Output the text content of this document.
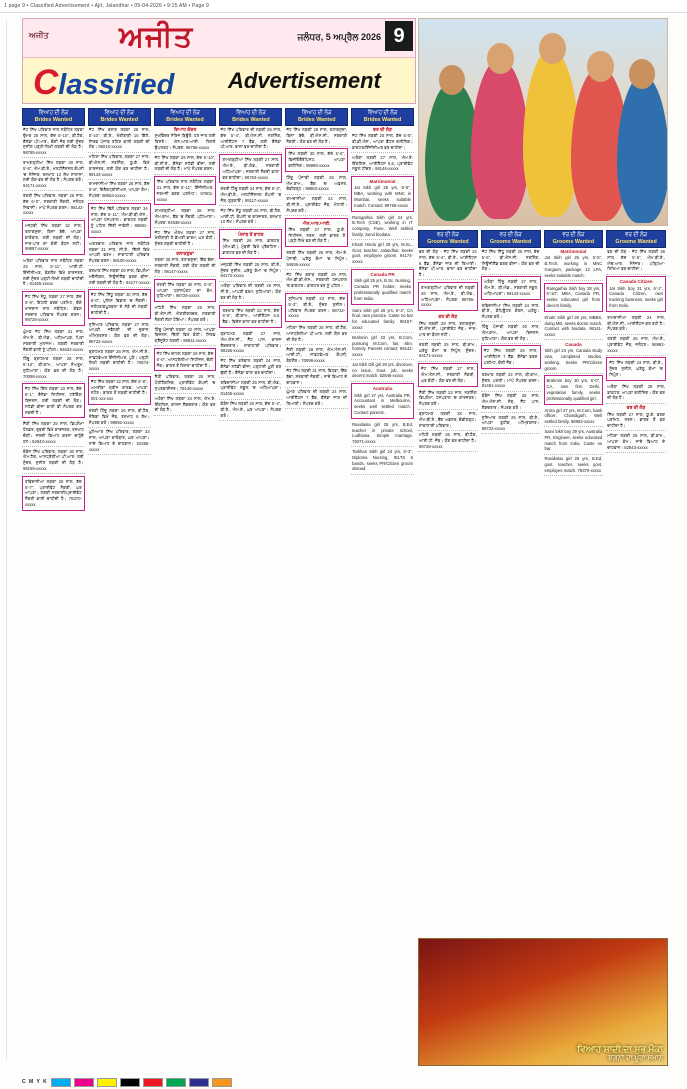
1 page 9 • Classified Advertisement • Ajit, Jalandhar • 05-04-2026 • 9:15 AM • Page 9
ਅਜੀਤ ਅਜੀਤ	ਜਲੰਧਰ, 5 ਅਪ੍ਰੈਲ 2026 9
Classified Advertisement
ਵਿਆਹ ਸ਼ਾਦੀ ਦਾ ਸ਼ੁਭ ਮੌਕਾ
ਸ਼ਗਨਾਂ ਦਾ ਪੂਰਾ ਸਮਾਨ
ਵਿਆਹ ਦੀ ਲੋੜ
Brides Wanted
ਜੱਟ ਸਿੱਖ ਪਰਿਵਾਰ ਨਾਲ ਸਬੰਧਿਤ ਲੜਕਾ ਉਮਰ 28 ਸਾਲ, ਕੱਦ 5'-10", ਬੀ.ਟੈਕ, ਕੈਨੇਡਾ ਪੀ.ਆਰ., ਚੰਗੀ ਜੌਬ ਲਈ ਸੁੰਦਰ ਸੁਸ਼ੀਲ ਪੜ੍ਹੀ-ਲਿਖੀ ਲੜਕੀ ਦੀ ਲੋੜ ਹੈ। 98765-xxxxx
ਰਾਮਗੜ੍ਹੀਆ ਸਿੱਖ ਲੜਕਾ 30 ਸਾਲ, 5'-8", ਐਮ.ਬੀ.ਏ., ਮਲਟੀਨੈਸ਼ਨਲ ਕੰਪਨੀ 'ਚ ਮੈਨੇਜਰ, ਤਨਖਾਹ 12 ਲੱਖ ਸਾਲਾਨਾ, ਲਈ ਯੋਗ ਵਰ ਦੀ ਲੋੜ ਹੈ। ਸੰਪਰਕ ਕਰੋ। 94171-xxxxx
ਖੱਤਰੀ ਸਿੱਖ ਪਰਿਵਾਰ, ਲੜਕਾ 26 ਸਾਲ, ਕੱਦ 6'-0", ਸਰਕਾਰੀ ਨੌਕਰੀ, ਜਲੰਧਰ ਨਿਵਾਸੀ। ਮਾਪੇ ਸੰਪਰਕ ਕਰਨ। 98142-xxxxx
ਮਜ਼੍ਹਬੀ ਸਿੱਖ ਲੜਕਾ 32 ਸਾਲ, ਤਲਾਕਸ਼ੁਦਾ, ਬਿਨਾਂ ਬੱਚੇ, ਆਪਣਾ ਕਾਰੋਬਾਰ, ਲਈ ਲੜਕੀ ਦੀ ਲੋੜ। ਜਾਤ-ਪਾਤ ਦਾ ਕੋਈ ਬੰਧਨ ਨਹੀਂ। 99887-xxxxx
ਅਰੋੜਾ ਪਰਿਵਾਰ ਨਾਲ ਸਬੰਧਿਤ ਲੜਕਾ 29 ਸਾਲ, 5'-11", ਆਈ.ਟੀ. ਇੰਜੀਨੀਅਰ, ਬੰਗਲੌਰ ਵਿਖੇ ਕਾਰਜਰਤ, ਲਈ ਸੁੰਦਰ ਪੜ੍ਹੀ-ਲਿਖੀ ਲੜਕੀ ਚਾਹੀਦੀ ਹੈ। 81465-xxxxx
ਜੱਟ ਸਿੱਖ ਸੰਧੂ, ਲੜਕਾ 27 ਸਾਲ, ਕੱਦ 5'-9", ਇਟਲੀ ਵਰਕ ਪਰਮਿਟ, ਚੰਗੇ ਖਾਨਦਾਨ ਨਾਲ ਸਬੰਧਿਤ। ਕੇਵਲ ਸਰਦਾਰ ਪਰਿਵਾਰ ਸੰਪਰਕ ਕਰਨ। 98728-xxxxx
ਘੁੰਮਣ ਜੱਟ ਸਿੱਖ ਲੜਕਾ 31 ਸਾਲ, ਐਮ.ਏ., ਬੀ.ਐਡ., ਅਧਿਆਪਕ, ਪਿਤਾ ਸਰਕਾਰੀ ਮੁਲਾਜ਼ਮ। ਲੜਕੀ ਸਰਕਾਰੀ ਨੌਕਰੀ ਵਾਲੀ ਨੂੰ ਪਹਿਲ। 94632-xxxxx
ਹਿੰਦੂ ਬ੍ਰਾਹਮਣ ਲੜਕਾ 28 ਸਾਲ, 5'-10", ਬੀ.ਕਾਮ., ਆਪਣਾ ਸ਼ੋਅਰੂਮ, ਲੁਧਿਆਣਾ। ਯੋਗ ਵਰ ਦੀ ਲੋੜ ਹੈ। 70098-xxxxx
ਜੱਟ ਸਿੱਖ ਗਿੱਲ ਲੜਕਾ 33 ਸਾਲ, ਕੱਦ 6'-1", ਕੈਨੇਡਾ ਸਿਟੀਜ਼ਨ, ਟਰੱਕਿੰਗ ਬਿਜ਼ਨਸ, ਲਈ ਲੜਕੀ ਦੀ ਲੋੜ। ਸਟੱਡੀ ਵੀਜ਼ਾ ਵਾਲੀ ਵੀ ਸੰਪਰਕ ਕਰ ਸਕਦੀ ਹੈ।
ਸੈਣੀ ਸਿੱਖ ਲੜਕਾ 25 ਸਾਲ, ਡਿਪਲੋਮਾ ਹੋਲਡਰ, ਦੁਬਈ ਵਿਖੇ ਕਾਰਜਰਤ, ਤਨਖਾਹ ਚੰਗੀ। ਜਲਦੀ ਵਿਆਹ ਕਰਨਾ ਚਾਹੁੰਦੇ ਹਨ। 62843-xxxxx
ਕੰਬੋਜ ਸਿੱਖ ਪਰਿਵਾਰ, ਲੜਕਾ 30 ਸਾਲ, ਐਮ.ਟੈਕ, ਆਸਟ੍ਰੇਲੀਆ ਪੀ.ਆਰ. ਲਈ ਸੁੰਦਰ, ਸੁਸ਼ੀਲ ਲੜਕੀ ਦੀ ਲੋੜ ਹੈ। 98159-xxxxx
ਰਵਿਦਾਸੀਆ ਲੜਕਾ 29 ਸਾਲ, ਕੱਦ 5'-7", ਪ੍ਰਾਈਵੇਟ ਨੌਕਰੀ, ਘਰ ਆਪਣਾ। ਲੜਕੀ ਸਰਕਾਰੀ/ਪ੍ਰਾਈਵੇਟ ਨੌਕਰੀ ਵਾਲੀ ਚਾਹੀਦੀ ਹੈ। 78370-xxxxx
ਵਿਆਹ ਦੀ ਲੋੜ
Brides Wanted
ਜੱਟ ਸਿੱਖ ਬਰਾੜ ਲੜਕਾ 28 ਸਾਲ, 5'-10", ਬੀ.ਏ., ਖੇਤੀਬਾੜੀ 15 ਕਿੱਲੇ, ਸਿਰਫ਼ ਪੰਜਾਬ ਰਹਿਣ ਵਾਲੀ ਲੜਕੀ ਦੀ ਲੋੜ। 95010-xxxxx
ਮਹਿਰਾ ਸਿੱਖ ਪਰਿਵਾਰ, ਲੜਕਾ 27 ਸਾਲ, ਬੀ.ਐਸ.ਸੀ. ਨਰਸਿੰਗ, ਯੂ.ਕੇ. ਵਿਖੇ ਕਾਰਜਰਤ, ਲਈ ਯੋਗ ਵਰ ਚਾਹੀਦਾ ਹੈ। 99144-xxxxx
ਰਾਮਦਾਸੀਆ ਸਿੱਖ ਲੜਕਾ 26 ਸਾਲ, ਕੱਦ 5'-8", ਇਲੈਕਟ੍ਰੀਸ਼ੀਅਨ, ਆਪਣਾ ਕੰਮ। ਸੰਪਰਕ: 98553-xxxxx
ਜੱਟ ਸਿੱਖ ਢਿੱਲੋਂ ਪਰਿਵਾਰ ਲੜਕਾ 34 ਸਾਲ, ਕੱਦ 5'-11", ਐਮ.ਬੀ.ਬੀ.ਐਸ., ਆਪਣਾ ਹਸਪਤਾਲ। ਡਾਕਟਰ ਲੜਕੀ ਨੂੰ ਪਹਿਲ ਦਿੱਤੀ ਜਾਵੇਗੀ। 98881-xxxxx
ਅਗਰਵਾਲ ਪਰਿਵਾਰ ਨਾਲ ਸਬੰਧਿਤ ਲੜਕਾ 31 ਸਾਲ, ਸੀ.ਏ., ਦਿੱਲੀ ਵਿਖੇ ਆਪਣੀ ਫਰਮ। ਸ਼ਾਕਾਹਾਰੀ ਪਰਿਵਾਰ ਸੰਪਰਕ ਕਰਨ। 98100-xxxxx
ਤਰਖਾਣ ਸਿੱਖ ਲੜਕਾ 29 ਸਾਲ, ਡਿਪਲੋਮਾ ਮਕੈਨੀਕਲ, ਨਿਊਜ਼ੀਲੈਂਡ ਵਰਕ ਵੀਜ਼ਾ, ਲਈ ਲੜਕੀ ਦੀ ਲੋੜ ਹੈ। 94177-xxxxx
ਜੱਟ ਸਿੱਖ ਸਿੱਧੂ ਲੜਕਾ 30 ਸਾਲ, ਕੱਦ 6'-0", ਪੁਲਿਸ ਵਿਭਾਗ 'ਚ ਨੌਕਰੀ। ਜਲੰਧਰ/ਕਪੂਰਥਲਾ ਦੇ ਨੇੜੇ ਦੀ ਲੜਕੀ ਚਾਹੀਦੀ ਹੈ।
ਸੁਨਿਆਰ ਪਰਿਵਾਰ, ਲੜਕਾ 27 ਸਾਲ, ਆਪਣੀ ਜਵੈਲਰੀ ਦੀ ਦੁਕਾਨ, ਅੰਮ੍ਰਿਤਸਰ। ਯੋਗ ਵਰ ਦੀ ਲੋੜ। 98722-xxxxx
ਬ੍ਰਾਹਮਣ ਲੜਕਾ 28 ਸਾਲ, ਐਮ.ਸੀ.ਏ., ਸਾਫ਼ਟਵੇਅਰ ਇੰਜੀਨੀਅਰ, ਪੁਣੇ। ਪੜ੍ਹੀ-ਲਿਖੀ ਲੜਕੀ ਚਾਹੀਦੀ ਹੈ। 70874-xxxxx
ਜੱਟ ਸਿੱਖ ਲੜਕਾ 32 ਸਾਲ, ਕੱਦ 5'-9", ਅਮਰੀਕਾ ਗ੍ਰੀਨ ਕਾਰਡ, ਆਪਣਾ ਸਟੋਰ। ਭਾਰਤ ਤੋਂ ਲੜਕੀ ਚਾਹੀਦੀ ਹੈ। 001-xxx-xxx
ਖੱਤਰੀ ਹਿੰਦੂ ਲੜਕਾ 26 ਸਾਲ, ਬੀ.ਟੈਕ, ਨੋਇਡਾ ਵਿਖੇ ਜੌਬ, ਤਨਖਾਹ 9 ਲੱਖ। ਸੰਪਰਕ ਕਰੋ। 98992-xxxxx
ਘੁਮਿਆਰ ਸਿੱਖ ਪਰਿਵਾਰ, ਲੜਕਾ 33 ਸਾਲ, ਆਪਣਾ ਕਾਰੋਬਾਰ, ਘਰ ਆਪਣਾ। ਸਾਦੇ ਵਿਆਹ ਦੇ ਚਾਹਵਾਨ। 62395-xxxxx
ਵਿਆਹ ਦੀ ਲੋੜ
Brides Wanted
ਵਿਆਹ ਕੇਂਦਰ
ਸੁਖਵਿੰਦਰ ਮੈਰਿਜ ਬਿਊਰੋ, ਹਰ ਜਾਤ ਲਈ ਰਿਸ਼ਤੇ। ਐਨ.ਆਰ.ਆਈ. ਰਿਸ਼ਤੇ ਉਪਲਬਧ। ਸੰਪਰਕ: 98765-xxxxx
ਜੱਟ ਸਿੱਖ ਲੜਕਾ 29 ਸਾਲ, ਕੱਦ 5'-10", ਬੀ.ਸੀ.ਏ., ਕੈਨੇਡਾ ਸਟੱਡੀ ਵੀਜ਼ਾ, ਲਈ ਲੜਕੀ ਦੀ ਲੋੜ ਹੈ। ਮਾਪੇ ਸੰਪਰਕ ਕਰਨ।
ਸਿੱਖ ਪਰਿਵਾਰ ਨਾਲ ਸਬੰਧਿਤ ਲੜਕਾ 31 ਸਾਲ, ਕੱਦ 5'-11", ਇੰਜੀਨੀਅਰ, ਜਰਮਨੀ ਵਰਕ ਪਰਮਿਟ। 97801-xxxxx
ਰਾਮਗੜ੍ਹੀਆ ਲੜਕਾ 28 ਸਾਲ, ਐਮ.ਕਾਮ., ਬੈਂਕ 'ਚ ਨੌਕਰੀ, ਪਟਿਆਲਾ। ਸੰਪਰਕ: 94638-xxxxx
ਜੱਟ ਸਿੱਖ ਔਲਖ ਲੜਕਾ 27 ਸਾਲ, ਖੇਤੀਬਾੜੀ ਤੇ ਡੇਅਰੀ ਫਾਰਮ, ਘਰ ਕੋਠੀ। ਸੁੰਦਰ ਲੜਕੀ ਚਾਹੀਦੀ ਹੈ।
ਤਲਾਕਸ਼ੁਦਾ
ਲੜਕਾ 38 ਸਾਲ, ਤਲਾਕਸ਼ੁਦਾ, ਇੱਕ ਬੱਚਾ, ਸਰਕਾਰੀ ਨੌਕਰੀ, ਲਈ ਯੋਗ ਲੜਕੀ ਦੀ ਲੋੜ। 98147-xxxxx
ਖੱਤਰੀ ਸਿੱਖ ਲੜਕਾ 30 ਸਾਲ, 5'-8", ਆਪਣਾ ਟ੍ਰਾਂਸਪੋਰਟ ਦਾ ਕੰਮ, ਲੁਧਿਆਣਾ। 98728-xxxxx
ਮਹਿਤੋਂ ਸਿੱਖ ਲੜਕਾ 26 ਸਾਲ, ਬੀ.ਐਸ.ਸੀ. ਐਗਰੀਕਲਚਰ, ਸਰਕਾਰੀ ਨੌਕਰੀ ਲੱਗਾ ਹੋਇਆ। ਸੰਪਰਕ ਕਰੋ।
ਹਿੰਦੂ ਪੰਜਾਬੀ ਲੜਕਾ 32 ਸਾਲ, ਆਪਣਾ ਬਿਜ਼ਨਸ, ਦਿੱਲੀ ਵਿਖੇ ਕੋਠੀ। ਸਿਰਫ਼ ਗ੍ਰੈਜੂਏਟ ਲੜਕੀ। 98911-xxxxx
ਜੱਟ ਸਿੱਖ ਚਾਹਲ ਲੜਕਾ 29 ਸਾਲ, ਕੱਦ 6'-0", ਆਸਟ੍ਰੇਲੀਆ ਸਿਟੀਜ਼ਨ, ਚੰਗੀ ਜੌਬ। ਭਾਰਤ ਤੋਂ ਰਿਸ਼ਤਾ ਚਾਹੀਦਾ ਹੈ।
ਸੈਣੀ ਪਰਿਵਾਰ, ਲੜਕਾ 25 ਸਾਲ, ਪੌਲੀਟੈਕਨਿਕ, ਪ੍ਰਾਈਵੇਟ ਕੰਪਨੀ 'ਚ ਸੁਪਰਵਾਈਜ਼ਰ। 78140-xxxxx
ਅਰੋੜਾ ਸਿੱਖ ਲੜਕਾ 34 ਸਾਲ, ਐਮ.ਏ. ਇੰਗਲਿਸ਼, ਕਾਲਜ ਲੈਕਚਰਾਰ। ਯੋਗ ਵਰ ਦੀ ਲੋੜ ਹੈ।
ਵਿਆਹ ਦੀ ਲੋੜ
Brides Wanted
ਜੱਟ ਸਿੱਖ ਪਰਿਵਾਰ ਦੀ ਲੜਕੀ 25 ਸਾਲ, ਕੱਦ 5'-4", ਬੀ.ਐਸ.ਸੀ. ਨਰਸਿੰਗ, ਆਈਲੈਟਸ 7 ਬੈਂਡ, ਲਈ ਕੈਨੇਡਾ ਪੀ.ਆਰ. ਵਾਲਾ ਵਰ ਚਾਹੀਦਾ ਹੈ।
ਰਾਮਗੜ੍ਹੀਆ ਸਿੱਖ ਲੜਕੀ 27 ਸਾਲ, ਐਮ.ਏ., ਬੀ.ਐਡ., ਸਰਕਾਰੀ ਅਧਿਆਪਕਾ। ਸਰਕਾਰੀ ਨੌਕਰੀ ਵਾਲਾ ਵਰ ਚਾਹੀਦਾ। 98763-xxxxx
ਖੱਤਰੀ ਹਿੰਦੂ ਲੜਕੀ 24 ਸਾਲ, ਕੱਦ 5'-3", ਐਮ.ਬੀ.ਏ., ਮਲਟੀਨੈਸ਼ਨਲ ਕੰਪਨੀ 'ਚ ਜੌਬ, ਗੁੜਗਾਓਂ। 98117-xxxxx
ਜੱਟ ਸਿੱਖ ਸੰਧੂ ਲੜਕੀ 26 ਸਾਲ, ਬੀ.ਟੈਕ, ਆਈ.ਟੀ. ਕੰਪਨੀ 'ਚ ਕਾਰਜਰਤ, ਤਨਖਾਹ 10 ਲੱਖ। ਸੰਪਰਕ ਕਰੋ।
ਪੰਜਾਬ ਤੋਂ ਬਾਹਰ
ਸਿੱਖ ਲੜਕੀ 28 ਸਾਲ, ਡਾਕਟਰ (ਐਮ.ਡੀ.), ਮੁੰਬਈ ਵਿਖੇ ਪ੍ਰੈਕਟਿਸ। ਡਾਕਟਰ ਵਰ ਦੀ ਲੋੜ ਹੈ।
ਮਜ਼੍ਹਬੀ ਸਿੱਖ ਲੜਕੀ 25 ਸਾਲ, ਬੀ.ਏ., ਸੁੰਦਰ ਸੁਸ਼ੀਲ, ਘਰੇਲੂ ਕੰਮਾਂ 'ਚ ਨਿਪੁੰਨ। 94172-xxxxx
ਅਰੋੜਾ ਪਰਿਵਾਰ ਦੀ ਲੜਕੀ 29 ਸਾਲ, ਸੀ.ਏ., ਆਪਣੀ ਫਰਮ, ਲੁਧਿਆਣਾ। ਯੋਗ ਵਰ ਦੀ ਲੋੜ ਹੈ।
ਤਰਖਾਣ ਸਿੱਖ ਲੜਕੀ 23 ਸਾਲ, ਕੱਦ 5'-5", ਬੀ.ਕਾਮ., ਆਈਲੈਟਸ 6.5 ਬੈਂਡ। ਵਿਦੇਸ਼ ਵਾਲਾ ਵਰ ਚਾਹੀਦਾ ਹੈ।
ਬ੍ਰਾਹਮਣ ਲੜਕੀ 27 ਸਾਲ, ਐਮ.ਐਸ.ਸੀ., ਨੈੱਟ ਪਾਸ, ਕਾਲਜ ਲੈਕਚਰਾਰ। ਸ਼ਾਕਾਹਾਰੀ ਪਰਿਵਾਰ। 98155-xxxxx
ਜੱਟ ਸਿੱਖ ਗਰੇਵਾਲ ਲੜਕੀ 24 ਸਾਲ, ਕੈਨੇਡਾ ਸਟੱਡੀ ਵੀਜ਼ਾ, ਪੜ੍ਹਾਈ ਪੂਰੀ ਕਰ ਚੁੱਕੀ ਹੈ। ਕੈਨੇਡਾ ਵਾਲਾ ਵਰ ਚਾਹੀਦਾ।
ਰਵਿਦਾਸੀਆ ਲੜਕੀ 26 ਸਾਲ, ਬੀ.ਐਡ., ਪ੍ਰਾਈਵੇਟ ਸਕੂਲ 'ਚ ਅਧਿਆਪਕਾ। 81465-xxxxx
ਕੰਬੋਜ ਸਿੱਖ ਲੜਕੀ 25 ਸਾਲ, ਕੱਦ 5'-4", ਬੀ.ਏ., ਐਮ.ਏ., ਘਰ ਆਪਣਾ। ਸੰਪਰਕ ਕਰੋ।
ਵਿਆਹ ਦੀ ਲੋੜ
Brides Wanted
ਜੱਟ ਸਿੱਖ ਲੜਕੀ 28 ਸਾਲ, ਤਲਾਕਸ਼ੁਦਾ, ਬਿਨਾਂ ਬੱਚੇ, ਬੀ.ਐਸ.ਸੀ., ਸਰਕਾਰੀ ਨੌਕਰੀ। ਯੋਗ ਵਰ ਦੀ ਲੋੜ ਹੈ।
ਸਿੱਖ ਲੜਕੀ 30 ਸਾਲ, ਕੱਦ 5'-6", ਫਿਜ਼ੀਓਥੈਰੇਪਿਸਟ, ਆਪਣਾ ਕਲੀਨਿਕ। 99888-xxxxx
ਹਿੰਦੂ ਪੰਜਾਬੀ ਲੜਕੀ 26 ਸਾਲ, ਐਮ.ਕਾਮ., ਬੈਂਕ 'ਚ ਅਫ਼ਸਰ, ਚੰਡੀਗੜ੍ਹ। 98883-xxxxx
ਰਾਮਦਾਸੀਆ ਲੜਕੀ 24 ਸਾਲ, ਬੀ.ਸੀ.ਏ., ਪ੍ਰਾਈਵੇਟ ਜੌਬ, ਮੋਹਾਲੀ। ਸੰਪਰਕ ਕਰੋ।
ਐਨ.ਆਰ.ਆਈ.
ਸਿੱਖ ਲੜਕੀ 27 ਸਾਲ, ਯੂ.ਕੇ. ਸਿਟੀਜ਼ਨ, ਨਰਸ, ਲਈ ਭਾਰਤ ਤੋਂ ਪੜ੍ਹੇ-ਲਿਖੇ ਵਰ ਦੀ ਲੋੜ ਹੈ।
ਖੱਤਰੀ ਸਿੱਖ ਲੜਕੀ 25 ਸਾਲ, ਐਮ.ਏ. ਪੰਜਾਬੀ, ਘਰੇਲੂ ਕੰਮਾਂ 'ਚ ਨਿਪੁੰਨ। 94636-xxxxx
ਜੱਟ ਸਿੱਖ ਬਰਾੜ ਲੜਕੀ 29 ਸਾਲ, ਐਮ.ਬੀ.ਬੀ.ਐਸ., ਸਰਕਾਰੀ ਹਸਪਤਾਲ 'ਚ ਡਾਕਟਰ। ਡਾਕਟਰ ਵਰ ਨੂੰ ਪਹਿਲ।
ਸੁਨਿਆਰ ਲੜਕੀ 23 ਸਾਲ, ਕੱਦ 5'-3", ਬੀ.ਏ., ਸੁੰਦਰ ਸੁਸ਼ੀਲ। ਪਰਿਵਾਰ ਸੰਪਰਕ ਕਰਨ। 98722-xxxxx
ਮਹਿਰਾ ਸਿੱਖ ਲੜਕੀ 26 ਸਾਲ, ਬੀ.ਟੈਕ, ਆਸਟ੍ਰੇਲੀਆ ਪੀ.ਆਰ. ਲਈ ਯੋਗ ਵਰ ਦੀ ਲੋੜ ਹੈ।
ਸੈਣੀ ਲੜਕੀ 28 ਸਾਲ, ਐਮ.ਐਸ.ਸੀ. ਆਈ.ਟੀ., ਸਾਫ਼ਟਵੇਅਰ ਕੰਪਨੀ, ਬੰਗਲੌਰ। 70098-xxxxx
ਜੱਟ ਸਿੱਖ ਲੜਕੀ 31 ਸਾਲ, ਵਿਧਵਾ, ਇੱਕ ਬੱਚਾ, ਸਰਕਾਰੀ ਨੌਕਰੀ। ਸਾਦੇ ਵਿਆਹ ਦੇ ਚਾਹਵਾਨ।
ਘੁੰਮਣ ਪਰਿਵਾਰ ਦੀ ਲੜਕੀ 24 ਸਾਲ, ਆਈਲੈਟਸ 7 ਬੈਂਡ, ਕੈਨੇਡਾ ਜਾਣ ਦੀ ਤਿਆਰੀ। ਸੰਪਰਕ ਕਰੋ।
ਵਿਆਹ ਦੀ ਲੋੜ
Brides Wanted
ਵਰ ਦੀ ਲੋੜ
ਜੱਟ ਸਿੱਖ ਲੜਕੀ 25 ਸਾਲ, ਕੱਦ 5'-5", ਬੀ.ਡੀ.ਐਸ., ਆਪਣਾ ਡੈਂਟਲ ਕਲੀਨਿਕ। ਡਾਕਟਰ/ਇੰਜੀਨੀਅਰ ਵਰ ਚਾਹੀਦਾ।
ਅਰੋੜਾ ਲੜਕੀ 27 ਸਾਲ, ਐਮ.ਏ. ਇੰਗਲਿਸ਼, ਆਈਲੈਟਸ 6.5, ਪ੍ਰਾਈਵੇਟ ਸਕੂਲ ਟੀਚਰ। 98146-xxxxx
Matrimonial
Jat Sikh girl 26 yrs, 5'-5", MBA, working with MNC in Mumbai, seeks suitable match. Contact: 98765-xxxxx
Ramgarhia Sikh girl 24 yrs, B.Tech (CSE), working in IT company, Pune. Well settled family. Send biodata.
Khatri Hindu girl 28 yrs, M.Sc., Govt. teacher, Jalandhar. Seeks govt. employee groom. 94174-xxxxx
Canada PR
Sikh girl 25 yrs, B.Sc. Nursing, Canada PR holder, seeks professionally qualified match from India.
Saini Sikh girl 26 yrs, 5'-4", CA final, own practice. Caste no bar for educated family. 98157-xxxxx
Brahmin girl 23 yrs, B.Com, pursuing M.Com, fair, slim, homely. Parents contact: 99142-xxxxx
Jat Sikh Gill girl 29 yrs, divorcee, no issue, Govt. job, seeks decent match. 62845-xxxxx
Australia
Sikh girl 27 yrs, Australia PR, Accountant in Melbourne, seeks well settled match. Contact parents.
Ravidasia girl 25 yrs, B.Ed, teacher in private school, Ludhiana. Simple marriage. 78371-xxxxx
Tarkhan Sikh girl 24 yrs, 5'-3", Diploma Nursing, IELTS 6 bands, seeks PR/Citizen groom abroad.
ਵਰ ਦੀ ਲੋੜ
Grooms Wanted
ਵਰ ਦੀ ਲੋੜ - ਜੱਟ ਸਿੱਖ ਲੜਕੀ 24 ਸਾਲ, ਕੱਦ 5'-4", ਬੀ.ਏ., ਆਈਲੈਟਸ 6 ਬੈਂਡ, ਕੈਨੇਡਾ ਜਾਣ ਦੀ ਤਿਆਰੀ। ਕੈਨੇਡਾ ਪੀ.ਆਰ. ਵਾਲਾ ਵਰ ਚਾਹੀਦਾ ਹੈ।
ਰਾਮਗੜ੍ਹੀਆ ਪਰਿਵਾਰ ਦੀ ਲੜਕੀ 26 ਸਾਲ, ਐਮ.ਏ., ਬੀ.ਐਡ., ਅਧਿਆਪਕਾ। ਸੰਪਰਕ: 98765-xxxxx
ਵਰ ਦੀ ਲੋੜ
ਸਿੱਖ ਲੜਕੀ 29 ਸਾਲ, ਤਲਾਕਸ਼ੁਦਾ, ਬੀ.ਐਸ.ਸੀ., ਪ੍ਰਾਈਵੇਟ ਜੌਬ। ਜਾਤ-ਪਾਤ ਦਾ ਬੰਧਨ ਨਹੀਂ।
ਖੱਤਰੀ ਲੜਕੀ 25 ਸਾਲ, ਬੀ.ਕਾਮ., ਘਰੇਲੂ ਕੰਮਾਂ 'ਚ ਨਿਪੁੰਨ, ਸੁੰਦਰ। 94171-xxxxx
ਜੱਟ ਸਿੱਖ ਲੜਕੀ 27 ਸਾਲ, ਐਮ.ਐਸ.ਸੀ., ਸਰਕਾਰੀ ਨੌਕਰੀ, ਘਰ ਕੋਠੀ। ਯੋਗ ਵਰ ਦੀ ਲੋੜ।
ਸੈਣੀ ਸਿੱਖ ਲੜਕੀ 23 ਸਾਲ, ਨਰਸਿੰਗ ਡਿਪਲੋਮਾ, ਹਸਪਤਾਲ 'ਚ ਕਾਰਜਰਤ। ਸੰਪਰਕ ਕਰੋ।
ਬ੍ਰਾਹਮਣ ਲੜਕੀ 28 ਸਾਲ, ਐਮ.ਬੀ.ਏ., ਬੈਂਕ ਅਫ਼ਸਰ, ਚੰਡੀਗੜ੍ਹ। ਸ਼ਾਕਾਹਾਰੀ ਪਰਿਵਾਰ।
ਮਹਿਤੋਂ ਲੜਕੀ 26 ਸਾਲ, ਬੀ.ਟੈਕ, ਆਈ.ਟੀ. ਜੌਬ। ਯੋਗ ਵਰ ਚਾਹੀਦਾ ਹੈ। 98728-xxxxx
ਵਰ ਦੀ ਲੋੜ
Grooms Wanted
ਜੱਟ ਸਿੱਖ ਸਿੱਧੂ ਲੜਕੀ 25 ਸਾਲ, ਕੱਦ 5'-6", ਬੀ.ਐਸ.ਸੀ. ਨਰਸਿੰਗ, ਨਿਊਜ਼ੀਲੈਂਡ ਵਰਕ ਵੀਜ਼ਾ। ਯੋਗ ਵਰ ਦੀ ਲੋੜ।
ਅਰੋੜਾ ਹਿੰਦੂ ਲੜਕੀ 27 ਸਾਲ, ਐਮ.ਏ., ਬੀ.ਐਡ., ਸਰਕਾਰੀ ਸਕੂਲ ਅਧਿਆਪਕਾ। 99143-xxxxx
ਰਵਿਦਾਸੀਆ ਸਿੱਖ ਲੜਕੀ 24 ਸਾਲ, ਬੀ.ਏ., ਕੰਪਿਊਟਰ ਕੋਰਸ, ਘਰੇਲੂ। ਸੰਪਰਕ ਕਰੋ।
ਹਿੰਦੂ ਪੰਜਾਬੀ ਲੜਕੀ 30 ਸਾਲ, ਐਮ.ਕਾਮ., ਆਪਣਾ ਬਿਜ਼ਨਸ, ਲੁਧਿਆਣਾ। ਯੋਗ ਵਰ ਦੀ ਲੋੜ।
ਜੱਟ ਸਿੱਖ ਲੜਕੀ 26 ਸਾਲ, ਆਈਲੈਟਸ 7 ਬੈਂਡ, ਕੈਨੇਡਾ ਵਰਕ ਪਰਮਿਟ, ਚੰਗੀ ਜੌਬ।
ਤਰਖਾਣ ਲੜਕੀ 23 ਸਾਲ, ਬੀ.ਕਾਮ., ਸੁੰਦਰ, ਪਤਲੀ। ਮਾਪੇ ਸੰਪਰਕ ਕਰਨ। 81461-xxxxx
ਕੰਬੋਜ ਸਿੱਖ ਲੜਕੀ 28 ਸਾਲ, ਐਮ.ਐਸ.ਸੀ. ਮੈਥ, ਨੈੱਟ ਪਾਸ, ਲੈਕਚਰਾਰ। ਸੰਪਰਕ ਕਰੋ।
ਸੁਨਿਆਰ ਲੜਕੀ 25 ਸਾਲ, ਬੀ.ਏ., ਆਪਣਾ ਬੁਟੀਕ, ਅੰਮ੍ਰਿਤਸਰ। 98722-xxxxx
ਵਰ ਦੀ ਲੋੜ
Grooms Wanted
Matrimonial
Jat Sikh girl 25 yrs, 5'-5", B.Tech, working in MNC Gurgaon, package 12 LPA, seeks suitable match.
Ramgarhia Sikh boy 28 yrs, 5'-10", MBA, Canada PR, seeks educated girl from decent family.
Khatri Sikh girl 26 yrs, MBBS, doing MD, seeks doctor match. Contact with biodata. 98141-xxxxx
Canada
Sikh girl 24 yrs, Canada study visa, completed studies, working. Seeks PR/Citizen groom.
Brahmin boy 30 yrs, 6'-0", CA, own firm Delhi, vegetarian family, seeks professionally qualified girl.
Arora girl 27 yrs, M.Com, bank officer, Chandigarh. Well settled family. 98883-xxxxx
Saini Sikh boy 29 yrs, Australia PR, Engineer, seeks educated match from India. Caste no bar.
Ravidasia girl 25 yrs, B.Ed, govt. teacher, seeks govt. employee match. 78370-xxxxx
ਵਰ ਦੀ ਲੋੜ
Grooms Wanted
ਵਰ ਦੀ ਲੋੜ - ਜੱਟ ਸਿੱਖ ਲੜਕੀ 26 ਸਾਲ, ਕੱਦ 5'-5", ਐਮ.ਬੀ.ਏ., ਐਚ.ਆਰ. ਮੈਨੇਜਰ। ਪੜ੍ਹਿਆ-ਲਿਖਿਆ ਵਰ ਚਾਹੀਦਾ।
Canada Citizen
Jat Sikh boy 31 yrs, 6'-1", Canada Citizen, own trucking business, seeks girl from India.
ਰਾਮਦਾਸੀਆ ਲੜਕੀ 24 ਸਾਲ, ਬੀ.ਐਸ.ਸੀ., ਆਈਲੈਟਸ ਕਰ ਰਹੀ ਹੈ। ਸੰਪਰਕ ਕਰੋ।
ਖੱਤਰੀ ਲੜਕੀ 28 ਸਾਲ, ਐਮ.ਏ., ਪ੍ਰਾਈਵੇਟ ਜੌਬ, ਜਲੰਧਰ। 98992-xxxxx
ਜੱਟ ਸਿੱਖ ਲੜਕੀ 23 ਸਾਲ, ਬੀ.ਏ., ਸੁੰਦਰ ਸੁਸ਼ੀਲ, ਘਰੇਲੂ ਕੰਮਾਂ 'ਚ ਨਿਪੁੰਨ।
ਅਰੋੜਾ ਸਿੱਖ ਲੜਕੀ 29 ਸਾਲ, ਡਾਕਟਰ, ਆਪਣਾ ਕਲੀਨਿਕ। ਯੋਗ ਵਰ ਦੀ ਲੋੜ ਹੈ।
ਵਰ ਦੀ ਲੋੜ
ਸਿੱਖ ਲੜਕੀ 27 ਸਾਲ, ਯੂ.ਕੇ. ਵਰਕ ਪਰਮਿਟ, ਨਰਸ। ਭਾਰਤ ਤੋਂ ਵਰ ਚਾਹੀਦਾ ਹੈ।
ਮਹਿਰਾ ਲੜਕੀ 25 ਸਾਲ, ਬੀ.ਕਾਮ., ਆਪਣਾ ਕੰਮ। ਸਾਦੇ ਵਿਆਹ ਦੇ ਚਾਹਵਾਨ। 62843-xxxxx
C M Y K
